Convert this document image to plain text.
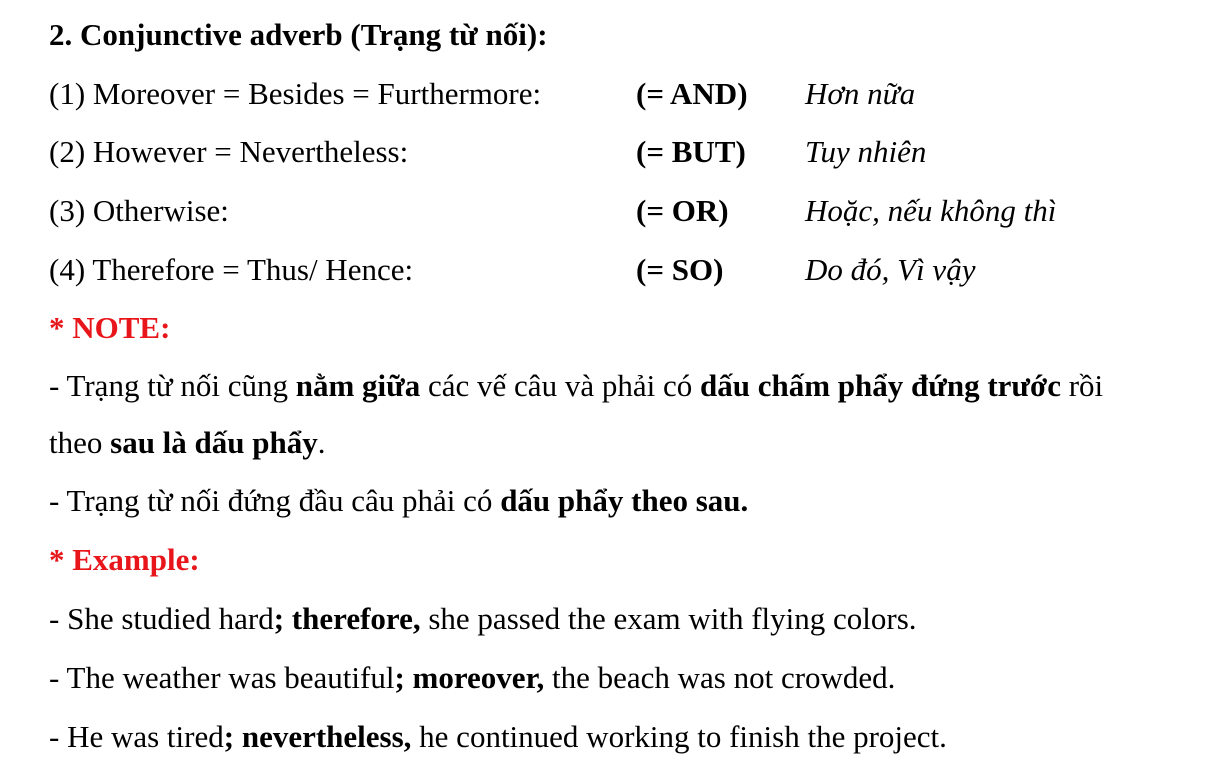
2. Conjunctive adverb (Trạng từ nối):
(1) Moreover = Besides = Furthermore:	(= AND) Hơn nữa
(2) However = Nevertheless:	(= BUT) Tuy nhiên
(3) Otherwise:	(= OR) Hoặc, nếu không thì
(4) Therefore = Thus/ Hence:	(= SO)	Do đó, Vì vậy
* NOTE:
- Trạng từ nối cũng nằm giữa các vế câu và phải có dấu chấm phẩy đứng trước rồi
theo sau là dấu phẩy.
- Trạng từ nối đứng đầu câu phải có dấu phẩy theo sau.
* Example:
- She studied hard; therefore, she passed the exam with flying colors.
- The weather was beautiful; moreover, the beach was not crowded.
- He was tired; nevertheless, he continued working to finish the project.
